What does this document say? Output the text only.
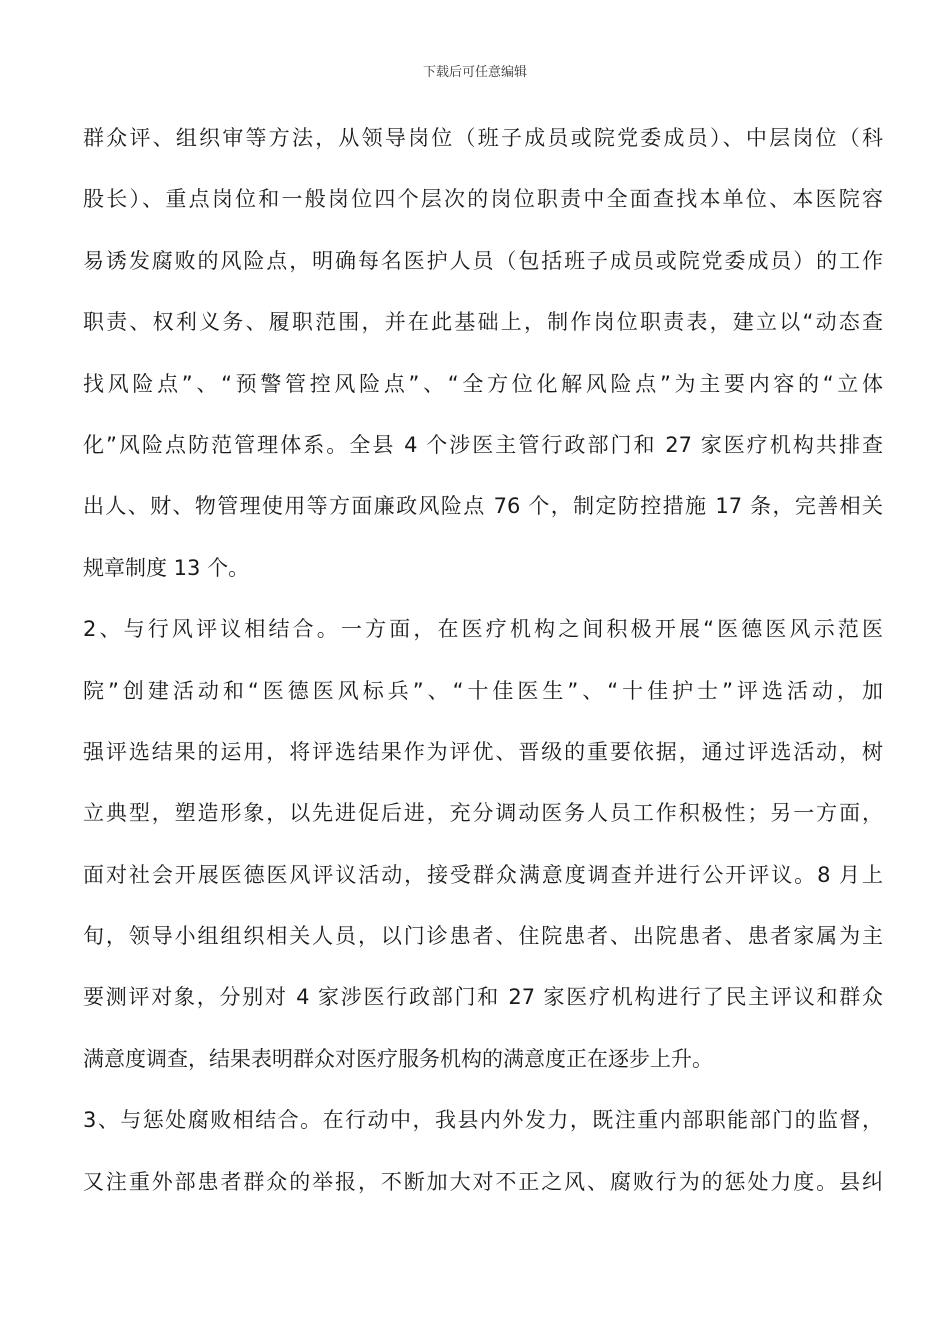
下载后可任意编辑
群众评、组织审等方法，从领导岗位（班子成员或院党委成员）、中层岗位（科
股长）、重点岗位和一般岗位四个层次的岗位职责中全面查找本单位、本医院容
易诱发腐败的风险点，明确每名医护人员（包括班子成员或院党委成员）的工作
职责、权利义务、履职范围，并在此基础上，制作岗位职责表，建立以“动态查
找风险点”、“预警管控风险点”、“全方位化解风险点”为主要内容的“立体
化”风险点防范管理体系。全县 4 个涉医主管行政部门和 27 家医疗机构共排查
出人、财、物管理使用等方面廉政风险点 76 个，制定防控措施 17 条，完善相关
规章制度 13 个。
2、与行风评议相结合。一方面，在医疗机构之间积极开展“医德医风示范医
院”创建活动和“医德医风标兵”、“十佳医生”、“十佳护士”评选活动，加
强评选结果的运用，将评选结果作为评优、晋级的重要依据，通过评选活动，树
立典型，塑造形象，以先进促后进，充分调动医务人员工作积极性；另一方面，
面对社会开展医德医风评议活动，接受群众满意度调查并进行公开评议。8 月上
旬，领导小组组织相关人员，以门诊患者、住院患者、出院患者、患者家属为主
要测评对象，分别对 4 家涉医行政部门和 27 家医疗机构进行了民主评议和群众
满意度调查，结果表明群众对医疗服务机构的满意度正在逐步上升。
3、与惩处腐败相结合。在行动中，我县内外发力，既注重内部职能部门的监督，
又注重外部患者群众的举报，不断加大对不正之风、腐败行为的惩处力度。县纠
